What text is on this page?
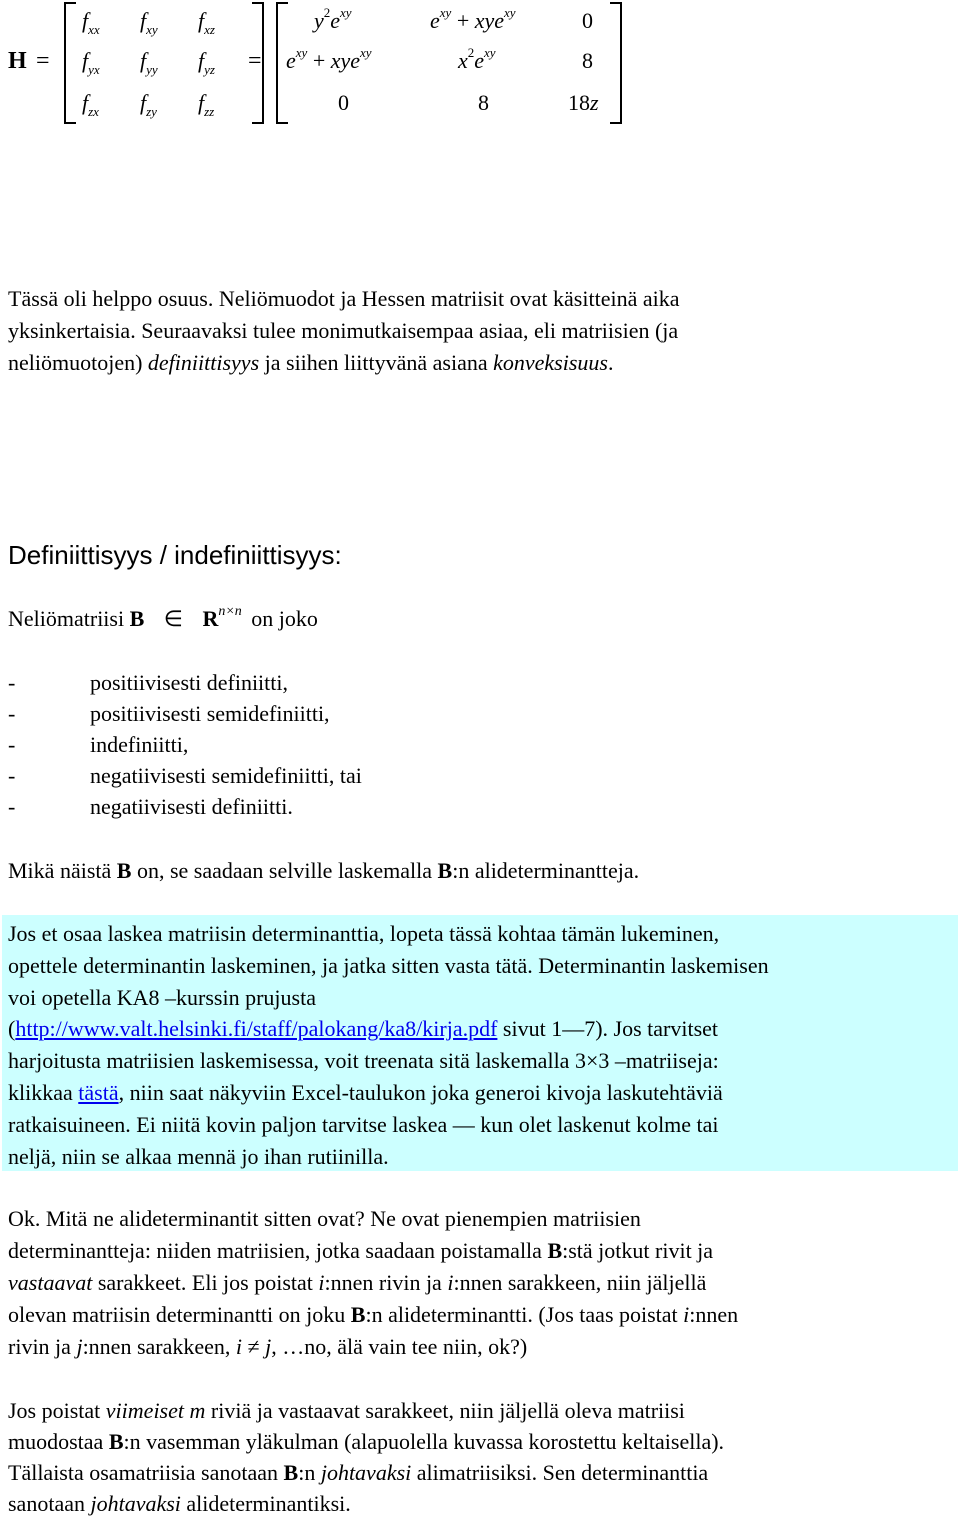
H =
$f_{xx}$ $f_{xy}$ $f_{xz}$
$f_{yx}$ $f_{yy}$ $f_{yz}$
$f_{zx}$ $f_{zy}$ $f_{zz}$
=
$y^2e^{xy}$	$e^{xy} + xye^{xy}$	0
$e^{xy} + xye^{xy}$	$x^2e^{xy}$	8
0	8	18z
Tässä oli helppo osuus. Neliömuodot ja Hessen matriisit ovat käsitteinä aika
yksinkertaisia. Seuraavaksi tulee monimutkaisempaa asiaa, eli matriisien (ja
neliömuotojen) definiittisyys ja siihen liittyvänä asiana konveksisuus.
Definiittisyys / indefiniittisyys:
Neliömatriisi B ∈ $R^{n\times n}$ on joko
-	positiivisesti definiitti,
-	positiivisesti semidefiniitti,
-	indefiniitti,
-	negatiivisesti semidefiniitti, tai
-	negatiivisesti definiitti.
Mikä näistä B on, se saadaan selville laskemalla B:n alideterminantteja.
Jos et osaa laskea matriisin determinanttia, lopeta tässä kohtaa tämän lukeminen,
opettele determinantin laskeminen, ja jatka sitten vasta tätä. Determinantin laskemisen
voi opetella KA8 –kurssin prujusta
(http://www.valt.helsinki.fi/staff/palokang/ka8/kirja.pdf sivut 1—7). Jos tarvitset
harjoitusta matriisien laskemisessa, voit treenata sitä laskemalla 3×3 –matriiseja:
klikkaa tästä, niin saat näkyviin Excel-taulukon joka generoi kivoja laskutehtäviä
ratkaisuineen. Ei niitä kovin paljon tarvitse laskea — kun olet laskenut kolme tai
neljä, niin se alkaa mennä jo ihan rutiinilla.
Ok. Mitä ne alideterminantit sitten ovat? Ne ovat pienempien matriisien
determinantteja: niiden matriisien, jotka saadaan poistamalla B:stä jotkut rivit ja
vastaavat sarakkeet. Eli jos poistat i:nnen rivin ja i:nnen sarakkeen, niin jäljellä
olevan matriisin determinantti on joku B:n alideterminantti. (Jos taas poistat i:nnen
rivin ja j:nnen sarakkeen, i ≠ j, …no, älä vain tee niin, ok?)
Jos poistat viimeiset m riviä ja vastaavat sarakkeet, niin jäljellä oleva matriisi
muodostaa B:n vasemman yläkulman (alapuolella kuvassa korostettu keltaisella).
Tällaista osamatriisia sanotaan B:n johtavaksi alimatriisiksi. Sen determinanttia
sanotaan johtavaksi alideterminantiksi.
